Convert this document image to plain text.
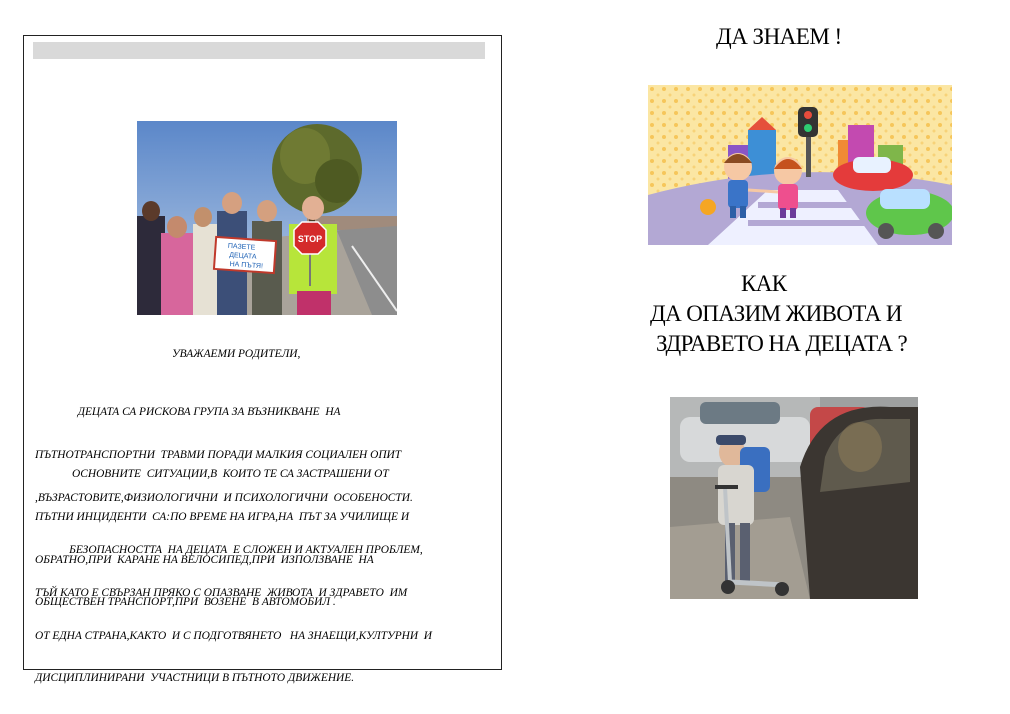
ПАЗЕТЕ
ДЕЦАТА
НА ПЪТЯ!
STOP
УВАЖАЕМИ РОДИТЕЛИ,

ДЕЦАТА СА РИСКОВА ГРУПА ЗА ВЪЗНИКВАНЕ  НА

ПЪТНОТРАНСПОРТНИ  ТРАВМИ ПОРАДИ МАЛКИЯ СОЦИАЛЕН ОПИТ

,ВЪЗРАСТОВИТЕ,ФИЗИОЛОГИЧНИ  И ПСИХОЛОГИЧНИ  ОСОБЕНОСТИ.

ОСНОВНИТЕ  СИТУАЦИИ,В  КОИТО ТЕ СА ЗАСТРАШЕНИ ОТ

ПЪТНИ ИНЦИДЕНТИ  СА:ПО ВРЕМЕ НА ИГРА,НА  ПЪТ ЗА УЧИЛИЩЕ И

ОБРАТНО,ПРИ  КАРАНЕ НА ВЕЛОСИПЕД,ПРИ  ИЗПОЛЗВАНЕ  НА

ОБЩЕСТВЕН ТРАНСПОРТ,ПРИ  ВОЗЕНЕ  В АВТОМОБИЛ .

БЕЗОПАСНОСТТА  НА ДЕЦАТА  Е СЛОЖЕН И АКТУАЛЕН ПРОБЛЕМ,

ТЪЙ КАТО Е СВЪРЗАН ПРЯКО С ОПАЗВАНЕ  ЖИВОТА  И ЗДРАВЕТО  ИМ

ОТ ЕДНА СТРАНА,КАКТО  И С ПОДГОТВЯНЕТО   НА ЗНАЕЩИ,КУЛТУРНИ  И

ДИСЦИПЛИНИРАНИ  УЧАСТНИЦИ В ПЪТНОТО ДВИЖЕНИЕ.

ДА ЗНАЕМ !
КАК
ДА ОПАЗИМ ЖИВОТА И
ЗДРАВЕТО НА ДЕЦАТА ?
